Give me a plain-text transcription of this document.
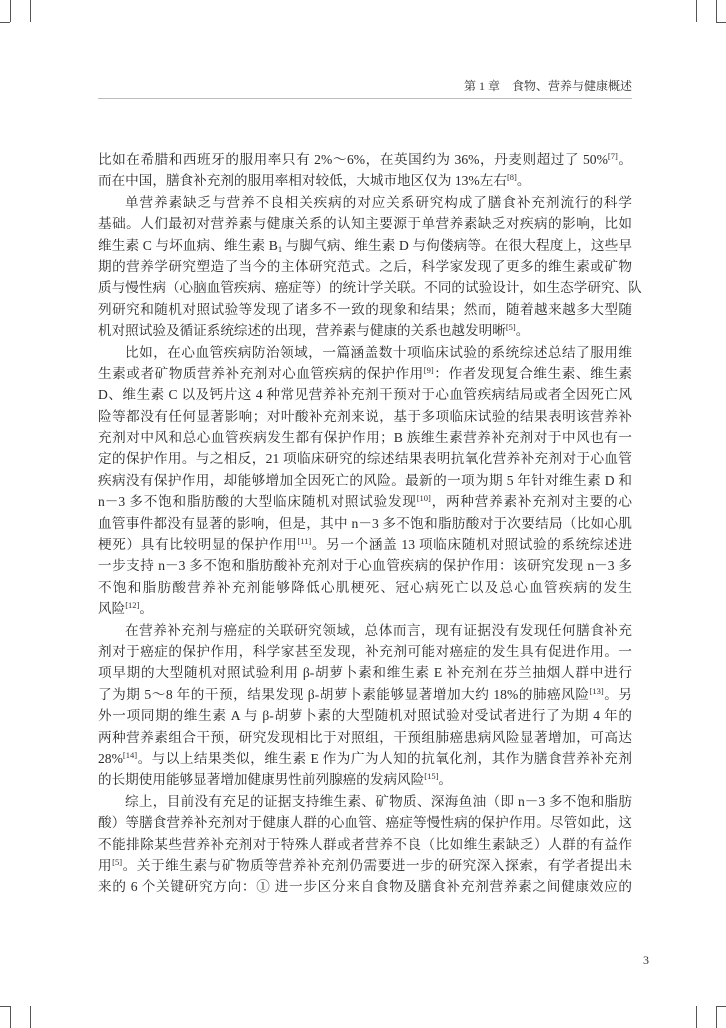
第 1 章 食物、营养与健康概述
比如在希腊和西班牙的服用率只有 2%～6%，在英国约为 36%，丹麦则超过了 50%[7]。
而在中国，膳食补充剂的服用率相对较低，大城市地区仅为 13%左右[8]。
单营养素缺乏与营养不良相关疾病的对应关系研究构成了膳食补充剂流行的科学
基础。人们最初对营养素与健康关系的认知主要源于单营养素缺乏对疾病的影响，比如
维生素 C 与坏血病、维生素 $B_1$ 与脚气病、维生素 D 与佝偻病等。在很大程度上，这些早
期的营养学研究塑造了当今的主体研究范式。之后，科学家发现了更多的维生素或矿物
质与慢性病（心脑血管疾病、癌症等）的统计学关联。不同的试验设计，如生态学研究、队
列研究和随机对照试验等发现了诸多不一致的现象和结果；然而，随着越来越多大型随
机对照试验及循证系统综述的出现，营养素与健康的关系也越发明晰[5]。
比如，在心血管疾病防治领域，一篇涵盖数十项临床试验的系统综述总结了服用维
生素或者矿物质营养补充剂对心血管疾病的保护作用[9]：作者发现复合维生素、维生素
D、维生素 C 以及钙片这 4 种常见营养补充剂干预对于心血管疾病结局或者全因死亡风
险等都没有任何显著影响；对叶酸补充剂来说，基于多项临床试验的结果表明该营养补
充剂对中风和总心血管疾病发生都有保护作用；B 族维生素营养补充剂对于中风也有一
定的保护作用。与之相反，21 项临床研究的综述结果表明抗氧化营养补充剂对于心血管
疾病没有保护作用，却能够增加全因死亡的风险。最新的一项为期 5 年针对维生素 D 和
n－3 多不饱和脂肪酸的大型临床随机对照试验发现[10]，两种营养素补充剂对主要的心
血管事件都没有显著的影响，但是，其中 n－3 多不饱和脂肪酸对于次要结局（比如心肌
梗死）具有比较明显的保护作用[11]。另一个涵盖 13 项临床随机对照试验的系统综述进
一步支持 n－3 多不饱和脂肪酸补充剂对于心血管疾病的保护作用：该研究发现 n－3 多
不饱和脂肪酸营养补充剂能够降低心肌梗死、冠心病死亡以及总心血管疾病的发生
风险[12]。
在营养补充剂与癌症的关联研究领域，总体而言，现有证据没有发现任何膳食补充
剂对于癌症的保护作用，科学家甚至发现，补充剂可能对癌症的发生具有促进作用。一
项早期的大型随机对照试验利用 β-胡萝卜素和维生素 E 补充剂在芬兰抽烟人群中进行
了为期 5～8 年的干预，结果发现 β-胡萝卜素能够显著增加大约 18%的肺癌风险[13]。另
外一项同期的维生素 A 与 β-胡萝卜素的大型随机对照试验对受试者进行了为期 4 年的
两种营养素组合干预，研究发现相比于对照组，干预组肺癌患病风险显著增加，可高达
28%[14]。与以上结果类似，维生素 E 作为广为人知的抗氧化剂，其作为膳食营养补充剂
的长期使用能够显著增加健康男性前列腺癌的发病风险[15]。
综上，目前没有充足的证据支持维生素、矿物质、深海鱼油（即 n－3 多不饱和脂肪
酸）等膳食营养补充剂对于健康人群的心血管、癌症等慢性病的保护作用。尽管如此，这
不能排除某些营养补充剂对于特殊人群或者营养不良（比如维生素缺乏）人群的有益作
用[5]。关于维生素与矿物质等营养补充剂仍需要进一步的研究深入探索，有学者提出未
来的 6 个关键研究方向：① 进一步区分来自食物及膳食补充剂营养素之间健康效应的
3
